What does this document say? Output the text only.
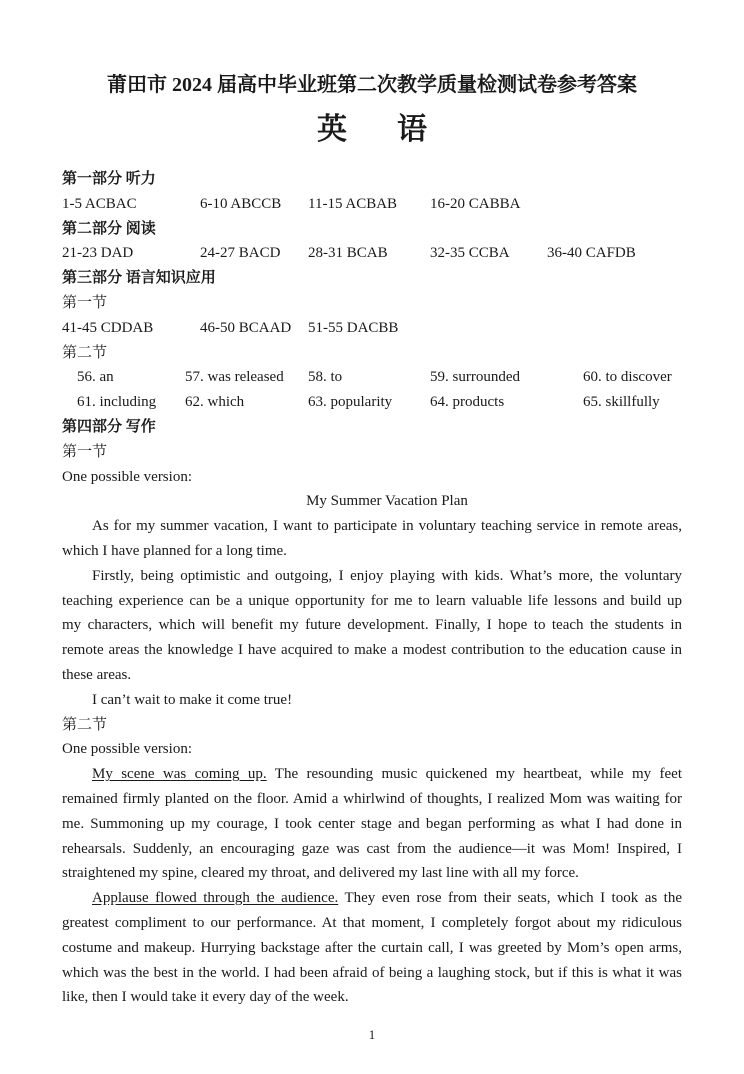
莆田市 2024 届高中毕业班第二次教学质量检测试卷参考答案
英 语
第一部分 听力
1-5 ACBAC	6-10 ABCCB 11-15 ACBAB 16-20 CABBA
第二部分 阅读
21-23 DAD	24-27 BACD 28-31 BCAB	32-35 CCBA 36-40 CAFDB
第三部分 语言知识应用
第一节
41-45 CDDAB	46-50 BCAAD 51-55 DACBB
第二节
56. an	57. was released 58. to	59. surrounded	60. to discover
61. including 62. which	63. popularity	64. products	65. skillfully
第四部分 写作
第一节
One possible version:
My Summer Vacation Plan
As for my summer vacation, I want to participate in voluntary teaching service in remote areas,
which I have planned for a long time.
Firstly, being optimistic and outgoing, I enjoy playing with kids. What’s more, the voluntary
teaching experience can be a unique opportunity for me to learn valuable life lessons and build up
my characters, which will benefit my future development. Finally, I hope to teach the students in
remote areas the knowledge I have acquired to make a modest contribution to the education cause in
these areas.
I can’t wait to make it come true!
第二节
One possible version:
My scene was coming up. The resounding music quickened my heartbeat, while my feet
remained firmly planted on the floor. Amid a whirlwind of thoughts, I realized Mom was waiting for
me. Summoning up my courage, I took center stage and began performing as what I had done in
rehearsals. Suddenly, an encouraging gaze was cast from the audience—it was Mom! Inspired, I
straightened my spine, cleared my throat, and delivered my last line with all my force.
Applause flowed through the audience. They even rose from their seats, which I took as the
greatest compliment to our performance. At that moment, I completely forgot about my ridiculous
costume and makeup. Hurrying backstage after the curtain call, I was greeted by Mom’s open arms,
which was the best in the world. I had been afraid of being a laughing stock, but if this is what it was
like, then I would take it every day of the week.
1
